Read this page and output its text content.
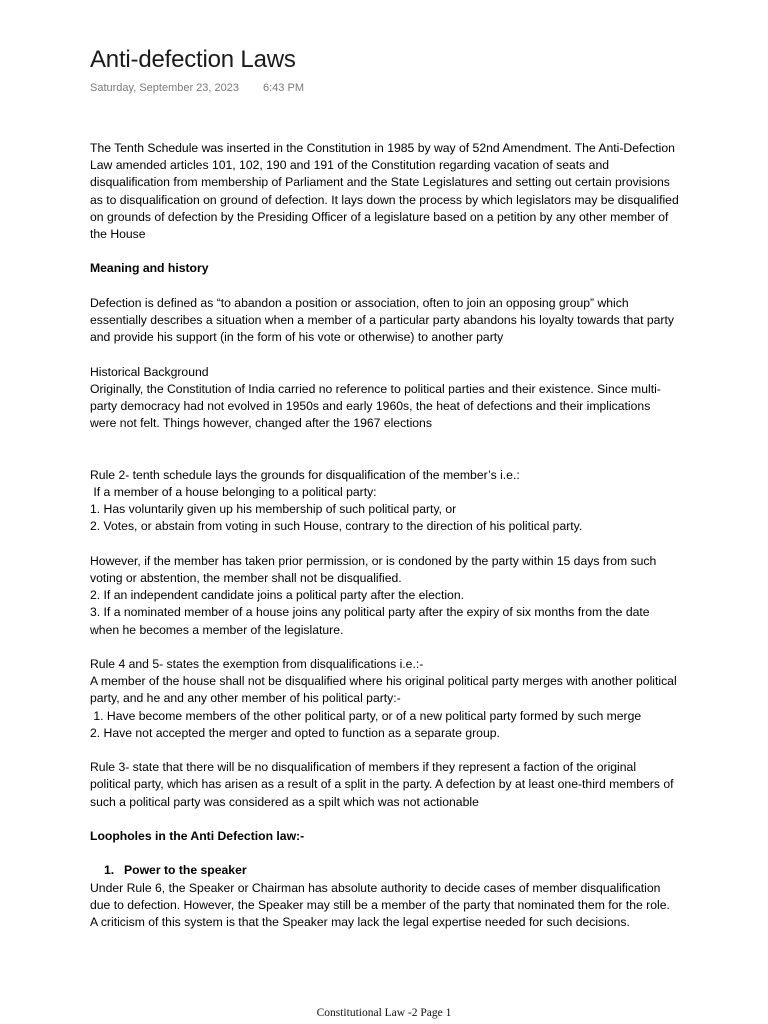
Anti-defection Laws
Saturday, September 23, 2023 6:43 PM

The Tenth Schedule was inserted in the Constitution in 1985 by way of 52nd Amendment. The Anti-Defection Law amended articles 101, 102, 190 and 191 of the Constitution regarding vacation of seats and disqualification from membership of Parliament and the State Legislatures and setting out certain provisions as to disqualification on ground of defection. It lays down the process by which legislators may be disqualified on grounds of defection by the Presiding Officer of a legislature based on a petition by any other member of the House

Meaning and history

Defection is defined as “to abandon a position or association, often to join an opposing group” which essentially describes a situation when a member of a particular party abandons his loyalty towards that party and provide his support (in the form of his vote or otherwise) to another party

Historical Background

Originally, the Constitution of India carried no reference to political parties and their existence. Since multi-party democracy had not evolved in 1950s and early 1960s, the heat of defections and their implications were not felt. Things however, changed after the 1967 elections

Rule 2- tenth schedule lays the grounds for disqualification of the member’s i.e.:

If a member of a house belonging to a political party:

1. Has voluntarily given up his membership of such political party, or

2. Votes, or abstain from voting in such House, contrary to the direction of his political party.

However, if the member has taken prior permission, or is condoned by the party within 15 days from such voting or abstention, the member shall not be disqualified.

2. If an independent candidate joins a political party after the election.

3. If a nominated member of a house joins any political party after the expiry of six months from the date when he becomes a member of the legislature.

Rule 4 and 5- states the exemption from disqualifications i.e.:-

A member of the house shall not be disqualified where his original political party merges with another political party, and he and any other member of his political party:-

1. Have become members of the other political party, or of a new political party formed by such merge

2. Have not accepted the merger and opted to function as a separate group.

Rule 3- state that there will be no disqualification of members if they represent a faction of the original political party, which has arisen as a result of a split in the party. A defection by at least one-third members of such a political party was considered as a spilt which was not actionable

Loopholes in the Anti Defection law:-

1. Power to the speaker

Under Rule 6, the Speaker or Chairman has absolute authority to decide cases of member disqualification due to defection. However, the Speaker may still be a member of the party that nominated them for the role. A criticism of this system is that the Speaker may lack the legal expertise needed for such decisions.

Constitutional Law -2 Page 1
